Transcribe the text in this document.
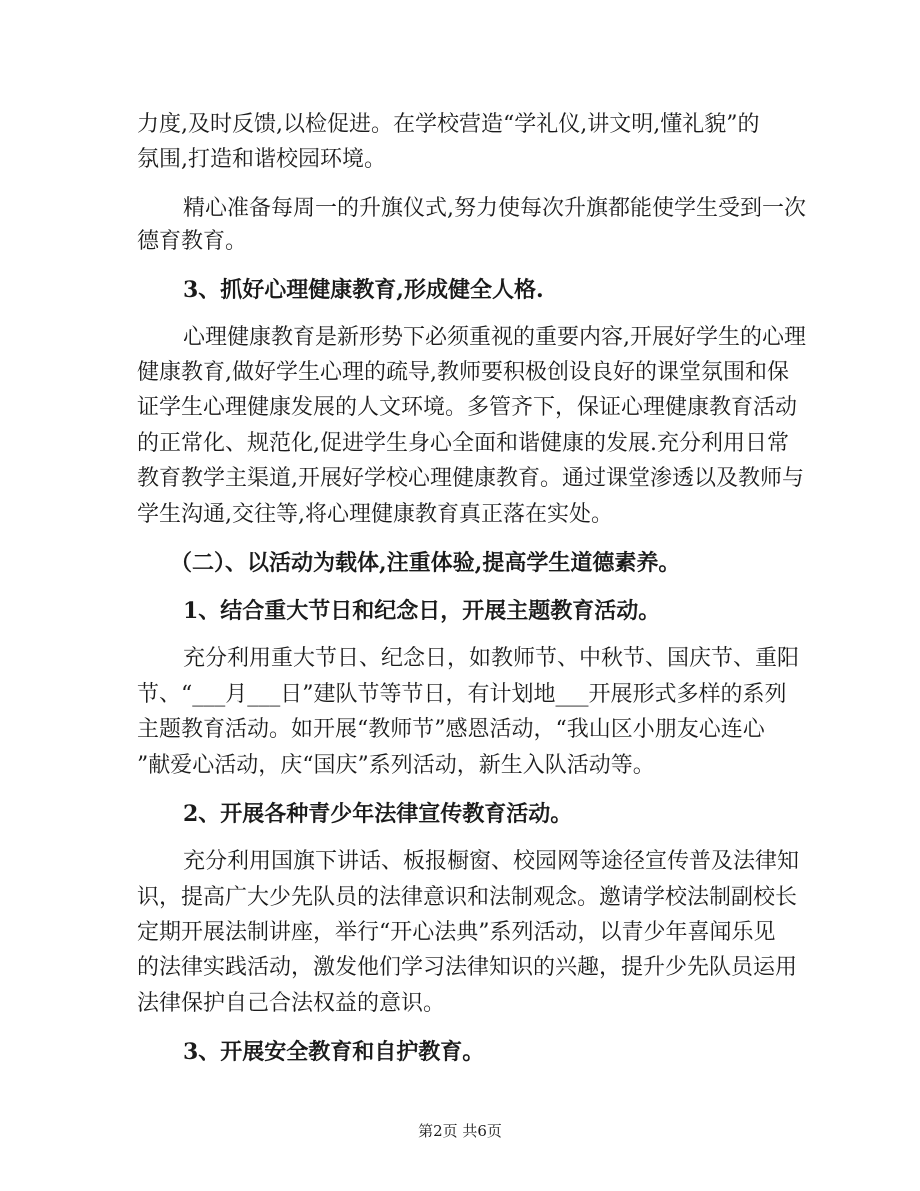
力度,及时反馈,以检促进。在学校营造“学礼仪,讲文明,懂礼貌”的
氛围,打造和谐校园环境。
精心准备每周一的升旗仪式,努力使每次升旗都能使学生受到一次
德育教育。
3、抓好心理健康教育,形成健全人格.
心理健康教育是新形势下必须重视的重要内容,开展好学生的心理
健康教育,做好学生心理的疏导,教师要积极创设良好的课堂氛围和保
证学生心理健康发展的人文环境。多管齐下，保证心理健康教育活动
的正常化、规范化,促进学生身心全面和谐健康的发展.充分利用日常
教育教学主渠道,开展好学校心理健康教育。通过课堂渗透以及教师与
学生沟通,交往等,将心理健康教育真正落在实处。
（二）、以活动为载体,注重体验,提高学生道德素养。
1、结合重大节日和纪念日，开展主题教育活动。
充分利用重大节日、纪念日，如教师节、中秋节、国庆节、重阳
节、“___月___日”建队节等节日，有计划地___开展形式多样的系列
主题教育活动。如开展“教师节”感恩活动，“我山区小朋友心连心
”献爱心活动，庆“国庆”系列活动，新生入队活动等。
2、开展各种青少年法律宣传教育活动。
充分利用国旗下讲话、板报橱窗、校园网等途径宣传普及法律知
识，提高广大少先队员的法律意识和法制观念。邀请学校法制副校长
定期开展法制讲座，举行“开心法典”系列活动，以青少年喜闻乐见
的法律实践活动，激发他们学习法律知识的兴趣，提升少先队员运用
法律保护自己合法权益的意识。
3、开展安全教育和自护教育。
第2页 共6页
